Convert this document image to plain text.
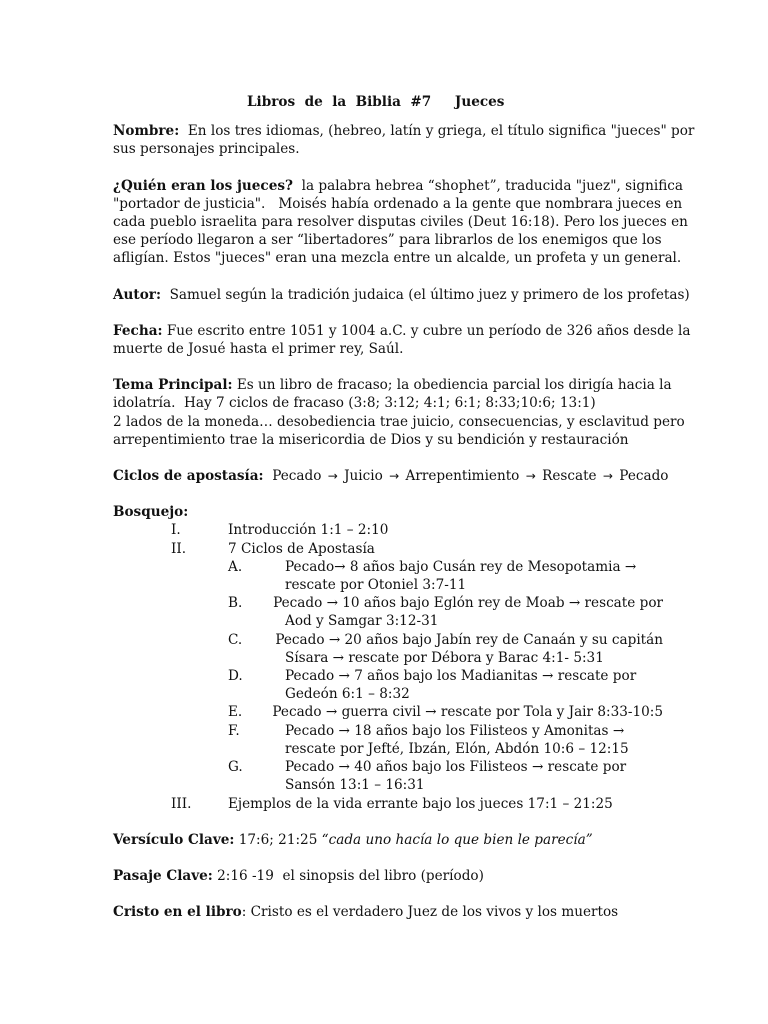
Libros  de  la  Biblia  #7     Jueces
Nombre:  En los tres idiomas, (hebreo, latín y griega, el título significa "jueces" por
sus personajes principales.
¿Quién eran los jueces?  la palabra hebrea “shophet”, traducida "juez", significa
"portador de justicia".   Moisés había ordenado a la gente que nombrara jueces en
cada pueblo israelita para resolver disputas civiles (Deut 16:18). Pero los jueces en
ese período llegaron a ser “libertadores” para librarlos de los enemigos que los
afligían. Estos "jueces" eran una mezcla entre un alcalde, un profeta y un general.
Autor:  Samuel según la tradición judaica (el último juez y primero de los profetas)
Fecha: Fue escrito entre 1051 y 1004 a.C. y cubre un período de 326 años desde la
muerte de Josué hasta el primer rey, Saúl.
Tema Principal: Es un libro de fracaso; la obediencia parcial los dirigía hacia la
idolatría.  Hay 7 ciclos de fracaso (3:8; 3:12; 4:1; 6:1; 8:33;10:6; 13:1)
2 lados de la moneda… desobediencia trae juicio, consecuencias, y esclavitud pero
arrepentimiento trae la misericordia de Dios y su bendición y restauración
Ciclos de apostasía: Pecado → Juicio → Arrepentimiento → Rescate → Pecado
Bosquejo:
I.	Introducción 1:1 – 2:10
II.	7 Ciclos de Apostasía
A.	Pecado→ 8 años bajo Cusán rey de Mesopotamia →
rescate por Otoniel 3:7-11
B.	Pecado → 10 años bajo Eglón rey de Moab → rescate por
Aod y Samgar 3:12-31
C.	Pecado → 20 años bajo Jabín rey de Canaán y su capitán
Sísara → rescate por Débora y Barac 4:1- 5:31
D.	Pecado → 7 años bajo los Madianitas → rescate por
Gedeón 6:1 – 8:32
E.	Pecado → guerra civil → rescate por Tola y Jair 8:33-10:5
F.	Pecado → 18 años bajo los Filisteos y Amonitas →
rescate por Jefté, Ibzán, Elón, Abdón 10:6 – 12:15
G.	Pecado → 40 años bajo los Filisteos → rescate por
Sansón 13:1 – 16:31
III.	Ejemplos de la vida errante bajo los jueces 17:1 – 21:25
Versículo Clave: 17:6; 21:25 “cada uno hacía lo que bien le parecía”
Pasaje Clave: 2:16 -19  el sinopsis del libro (período)
Cristo en el libro: Cristo es el verdadero Juez de los vivos y los muertos
